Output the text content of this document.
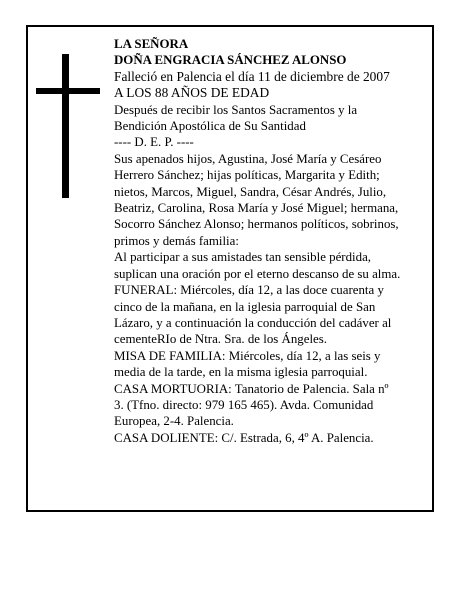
LA SEÑORA
DOÑA ENGRACIA SÁNCHEZ ALONSO
Falleció en Palencia el día 11 de diciembre de 2007
A LOS 88 AÑOS DE EDAD
Después de recibir los Santos Sacramentos y la
Bendición Apostólica de Su Santidad
---- D. E. P. ----
Sus apenados hijos, Agustina, José María y Cesáreo
Herrero Sánchez; hijas políticas, Margarita y Edith;
nietos, Marcos, Miguel, Sandra, César Andrés, Julio,
Beatriz, Carolina, Rosa María y José Miguel; hermana,
Socorro Sánchez Alonso; hermanos políticos, sobrinos,
primos y demás familia:
Al participar a sus amistades tan sensible pérdida,
suplican una oración por el eterno descanso de su alma.
FUNERAL: Miércoles, día 12, a las doce cuarenta y
cinco de la mañana, en la iglesia parroquial de San
Lázaro, y a continuación la conducción del cadáver al
cementeRIo de Ntra. Sra. de los Ángeles.
MISA DE FAMILIA: Miércoles, día 12, a las seis y
media de la tarde, en la misma iglesia parroquial.
CASA MORTUORIA: Tanatorio de Palencia. Sala nº
3. (Tfno. directo: 979 165 465). Avda. Comunidad
Europea, 2-4. Palencia.
CASA DOLIENTE: C/. Estrada, 6, 4º A. Palencia.
